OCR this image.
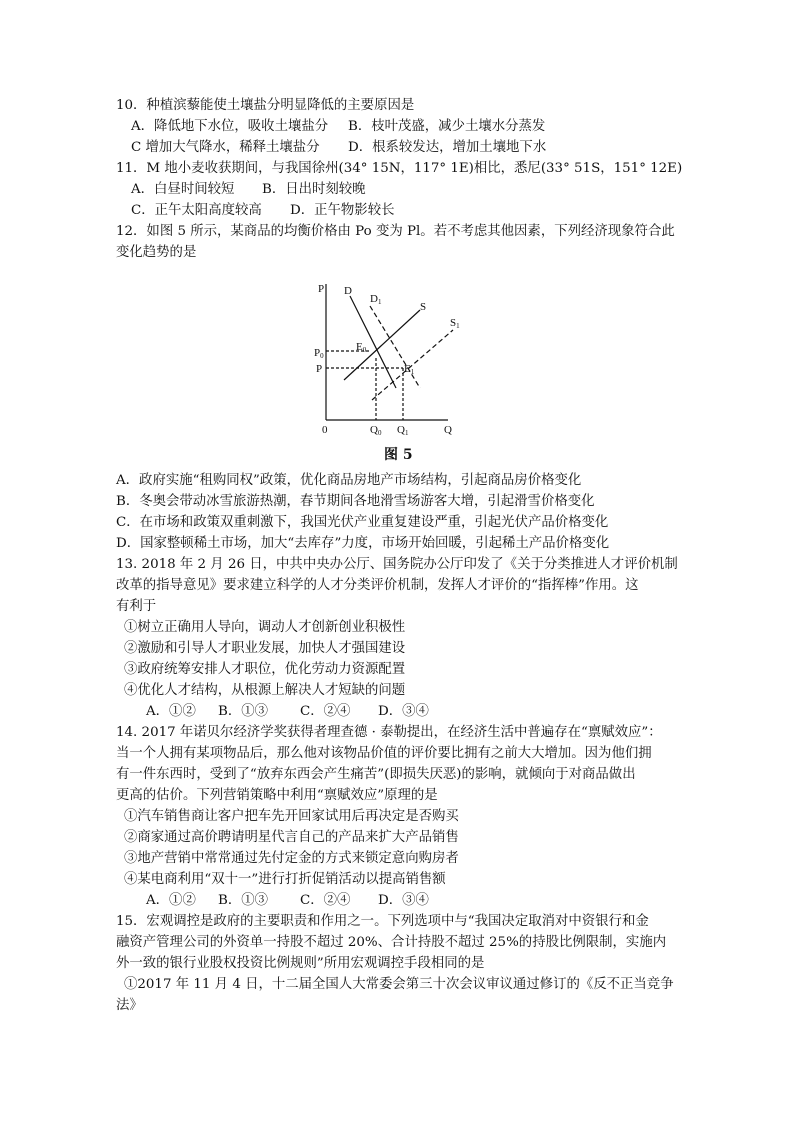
10．种植滨藜能使土壤盐分明显降低的主要原因是
A．降低地下水位，吸收土壤盐分 B．枝叶茂盛，减少土壤水分蒸发
C 增加大气降水，稀释土壤盐分 D．根系较发达，增加土壤地下水
11．M 地小麦收获期间，与我国徐州(34° 15N，117° 1E)相比，悉尼(33° 51S，151° 12E)
A．白昼时间较短 B．日出时刻较晚
C．正午太阳高度较高 D．正午物影较长
12．如图 5 所示，某商品的均衡价格由 Po 变为 Pl。若不考虑其他因素，下列经济现象符合此
变化趋势的是
P
Q
0
D
D1	S
S1
P0
P
E0
E1
Q0 Q1
图 5
A．政府实施“租购同权”政策，优化商品房地产市场结构，引起商品房价格变化
B．冬奥会带动冰雪旅游热潮，春节期间各地滑雪场游客大增，引起滑雪价格变化
C．在市场和政策双重刺激下，我国光伏产业重复建设严重，引起光伏产品价格变化
D．国家整顿稀土市场，加大“去库存”力度，市场开始回暖，引起稀土产品价格变化
13. 2018 年 2 月 26 日，中共中央办公厅、国务院办公厅印发了《关于分类推进人才评价机制
改革的指导意见》要求建立科学的人才分类评价机制，发挥人才评价的“指挥棒”作用。这
有利于
①树立正确用人导向，调动人才创新创业积极性
②激励和引导人才职业发展，加快人才强国建设
③政府统筹安排人才职位，优化劳动力资源配置
④优化人才结构，从根源上解决人才短缺的问题
A．①② B．①③ C．②④ D．③④
14. 2017 年诺贝尔经济学奖获得者理查德 · 泰勒提出，在经济生活中普遍存在“禀赋效应”：
当一个人拥有某项物品后，那么他对该物品价值的评价要比拥有之前大大增加。因为他们拥
有一件东西时，受到了“放弃东西会产生痛苦”(即损失厌恶)的影响，就倾向于对商品做出
更高的估价。下列营销策略中利用“禀赋效应”原理的是
①汽车销售商让客户把车先开回家试用后再决定是否购买
②商家通过高价聘请明星代言自己的产品来扩大产品销售
③地产营销中常常通过先付定金的方式来锁定意向购房者
④某电商利用“双十一”进行打折促销活动以提高销售额
A．①② B．①③ C．②④ D．③④
15．宏观调控是政府的主要职责和作用之一。下列选项中与“我国决定取消对中资银行和金
融资产管理公司的外资单一持股不超过 20%、合计持股不超过 25%的持股比例限制，实施内
外一致的银行业股权投资比例规则”所用宏观调控手段相同的是
①2017 年 11 月 4 日，十二届全国人大常委会第三十次会议审议通过修订的《反不正当竞争
法》
